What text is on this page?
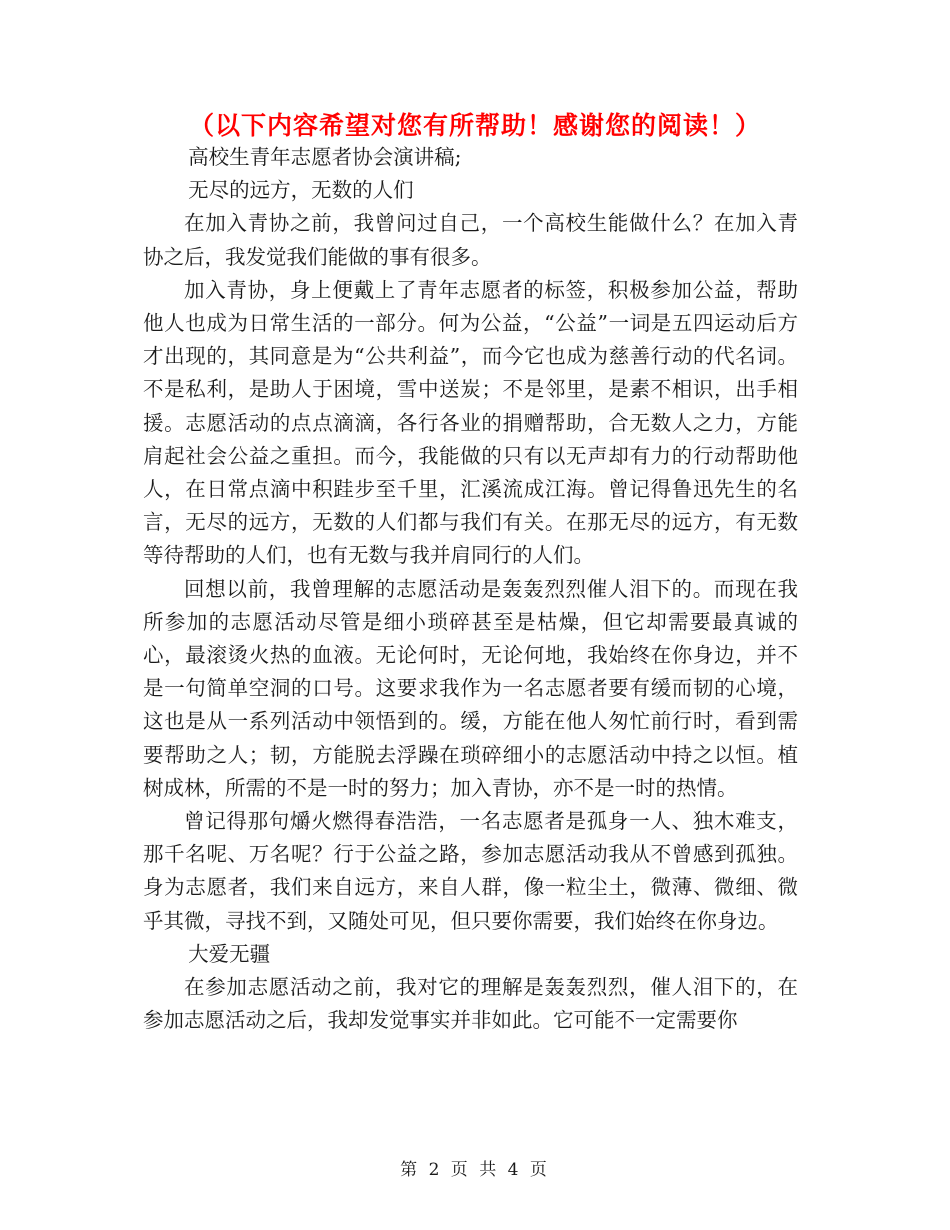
（以下内容希望对您有所帮助！感谢您的阅读！）

高校生青年志愿者协会演讲稿;

无尽的远方，无数的人们

在加入青协之前，我曾问过自己，一个高校生能做什么？在加入青协之后，我发觉我们能做的事有很多。

加入青协，身上便戴上了青年志愿者的标签，积极参加公益，帮助他人也成为日常生活的一部分。何为公益，“公益”一词是五四运动后方才出现的，其同意是为“公共利益”，而今它也成为慈善行动的代名词。不是私利，是助人于困境，雪中送炭；不是邻里，是素不相识，出手相援。志愿活动的点点滴滴，各行各业的捐赠帮助，合无数人之力，方能肩起社会公益之重担。而今，我能做的只有以无声却有力的行动帮助他人，在日常点滴中积跬步至千里，汇溪流成江海。曾记得鲁迅先生的名言，无尽的远方，无数的人们都与我们有关。在那无尽的远方，有无数等待帮助的人们，也有无数与我并肩同行的人们。

回想以前，我曾理解的志愿活动是轰轰烈烈催人泪下的。而现在我所参加的志愿活动尽管是细小琐碎甚至是枯燥，但它却需要最真诚的心，最滚烫火热的血液。无论何时，无论何地，我始终在你身边，并不是一句简单空洞的口号。这要求我作为一名志愿者要有缓而韧的心境，这也是从一系列活动中领悟到的。缓，方能在他人匆忙前行时，看到需要帮助之人；韧，方能脱去浮躁在琐碎细小的志愿活动中持之以恒。植树成林，所需的不是一时的努力；加入青协，亦不是一时的热情。

曾记得那句爝火燃得春浩浩，一名志愿者是孤身一人、独木难支，那千名呢、万名呢？行于公益之路，参加志愿活动我从不曾感到孤独。身为志愿者，我们来自远方，来自人群，像一粒尘土，微薄、微细、微乎其微，寻找不到，又随处可见，但只要你需要，我们始终在你身边。

大爱无疆

在参加志愿活动之前，我对它的理解是轰轰烈烈，催人泪下的，在参加志愿活动之后，我却发觉事实并非如此。它可能不一定需要你

第 2 页 共 4 页
